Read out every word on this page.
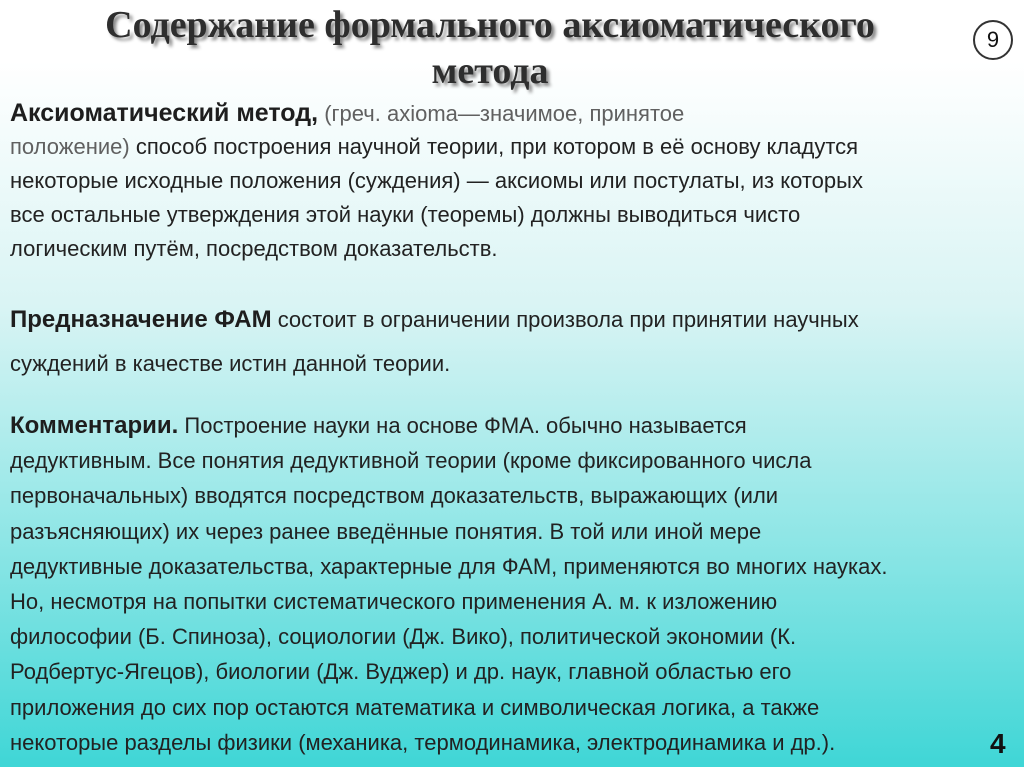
Содержание формального аксиоматического
метода
9
Аксиоматический метод, (греч. axioma—значимое, принятое
положение) способ построения научной теории, при котором в её основу кладутся
некоторые исходные положения (суждения) — аксиомы или постулаты, из которых
все остальные утверждения этой науки (теоремы) должны выводиться чисто
логическим путём, посредством доказательств.
Предназначение ФАМ состоит в ограничении произвола при принятии научных
суждений в качестве истин данной теории.
Комментарии. Построение науки на основе ФМА. обычно называется
дедуктивным. Все понятия дедуктивной теории (кроме фиксированного числа
первоначальных) вводятся посредством доказательств, выражающих (или
разъясняющих) их через ранее введённые понятия. В той или иной мере
дедуктивные доказательства, характерные для ФАМ, применяются во многих науках.
Но, несмотря на попытки систематического применения А. м. к изложению
философии (Б. Спиноза), социологии (Дж. Вико), политической экономии (К.
Родбертус-Ягецов), биологии (Дж. Вуджер) и др. наук, главной областью его
приложения до сих пор остаются математика и символическая логика, а также
некоторые разделы физики (механика, термодинамика, электродинамика и др.).	4
